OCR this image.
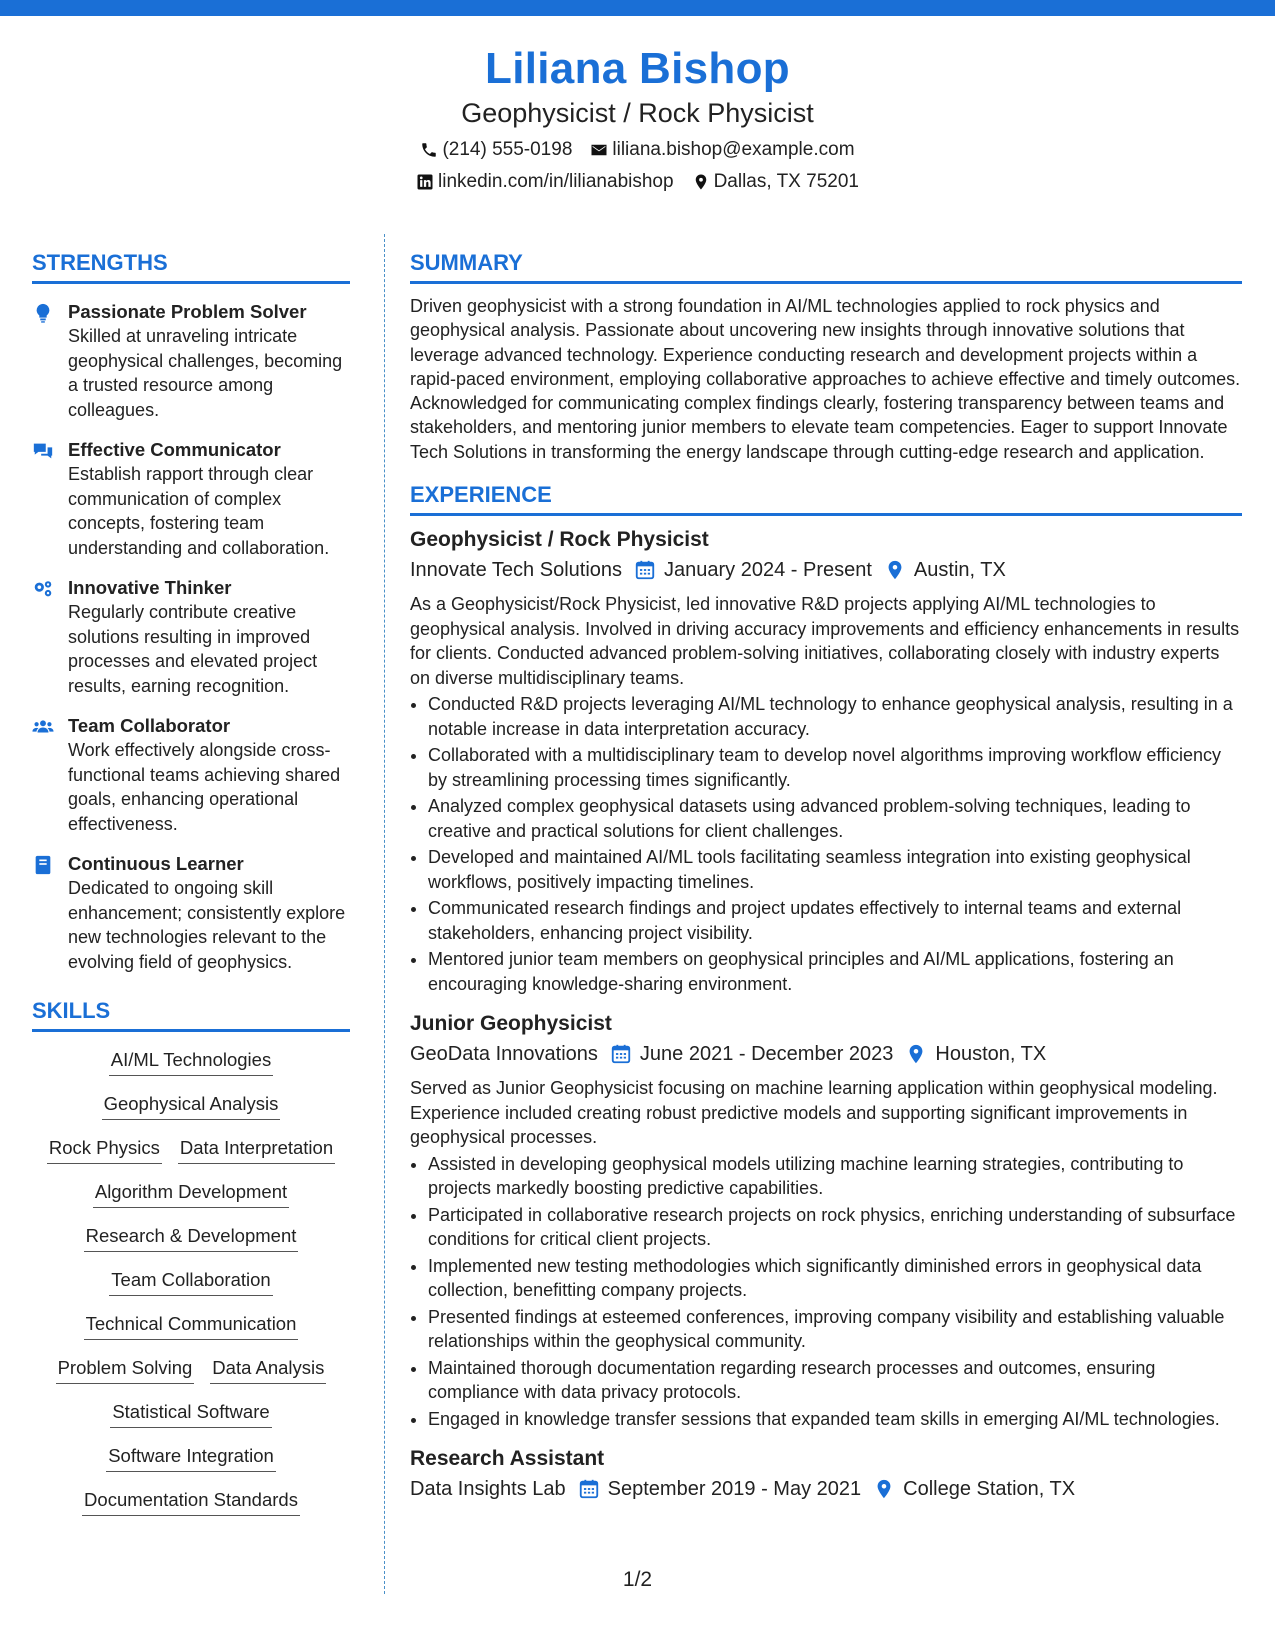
Liliana Bishop
Geophysicist / Rock Physicist
(214) 555-0198 liliana.bishop@example.com
linkedin.com/in/lilianabishop Dallas, TX 75201
STRENGTHS
Passionate Problem Solver
Skilled at unraveling intricate geophysical challenges, becoming a trusted resource among colleagues.
Effective Communicator
Establish rapport through clear communication of complex concepts, fostering team understanding and collaboration.
Innovative Thinker
Regularly contribute creative solutions resulting in improved processes and elevated project results, earning recognition.
Team Collaborator
Work effectively alongside cross-functional teams achieving shared goals, enhancing operational effectiveness.
Continuous Learner
Dedicated to ongoing skill enhancement; consistently explore new technologies relevant to the evolving field of geophysics.
SKILLS
AI/ML Technologies
Geophysical Analysis
Rock Physics Data Interpretation
Algorithm Development
Research & Development
Team Collaboration
Technical Communication
Problem Solving Data Analysis
Statistical Software
Software Integration
Documentation Standards
SUMMARY
Driven geophysicist with a strong foundation in AI/ML technologies applied to rock physics and geophysical analysis. Passionate about uncovering new insights through innovative solutions that leverage advanced technology. Experience conducting research and development projects within a rapid-paced environment, employing collaborative approaches to achieve effective and timely outcomes. Acknowledged for communicating complex findings clearly, fostering transparency between teams and stakeholders, and mentoring junior members to elevate team competencies. Eager to support Innovate Tech Solutions in transforming the energy landscape through cutting-edge research and application.
EXPERIENCE
Geophysicist / Rock Physicist
Innovate Tech Solutions January 2024 - Present Austin, TX
As a Geophysicist/Rock Physicist, led innovative R&D projects applying AI/ML technologies to geophysical analysis. Involved in driving accuracy improvements and efficiency enhancements in results for clients. Conducted advanced problem-solving initiatives, collaborating closely with industry experts on diverse multidisciplinary teams.
• Conducted R&D projects leveraging AI/ML technology to enhance geophysical analysis, resulting in a notable increase in data interpretation accuracy.
• Collaborated with a multidisciplinary team to develop novel algorithms improving workflow efficiency by streamlining processing times significantly.
• Analyzed complex geophysical datasets using advanced problem-solving techniques, leading to creative and practical solutions for client challenges.
• Developed and maintained AI/ML tools facilitating seamless integration into existing geophysical workflows, positively impacting timelines.
• Communicated research findings and project updates effectively to internal teams and external stakeholders, enhancing project visibility.
• Mentored junior team members on geophysical principles and AI/ML applications, fostering an encouraging knowledge-sharing environment.
Junior Geophysicist
GeoData Innovations June 2021 - December 2023 Houston, TX
Served as Junior Geophysicist focusing on machine learning application within geophysical modeling. Experience included creating robust predictive models and supporting significant improvements in geophysical processes.
• Assisted in developing geophysical models utilizing machine learning strategies, contributing to projects markedly boosting predictive capabilities.
• Participated in collaborative research projects on rock physics, enriching understanding of subsurface conditions for critical client projects.
• Implemented new testing methodologies which significantly diminished errors in geophysical data collection, benefitting company projects.
• Presented findings at esteemed conferences, improving company visibility and establishing valuable relationships within the geophysical community.
• Maintained thorough documentation regarding research processes and outcomes, ensuring compliance with data privacy protocols.
• Engaged in knowledge transfer sessions that expanded team skills in emerging AI/ML technologies.
Research Assistant
Data Insights Lab September 2019 - May 2021 College Station, TX
1/2
